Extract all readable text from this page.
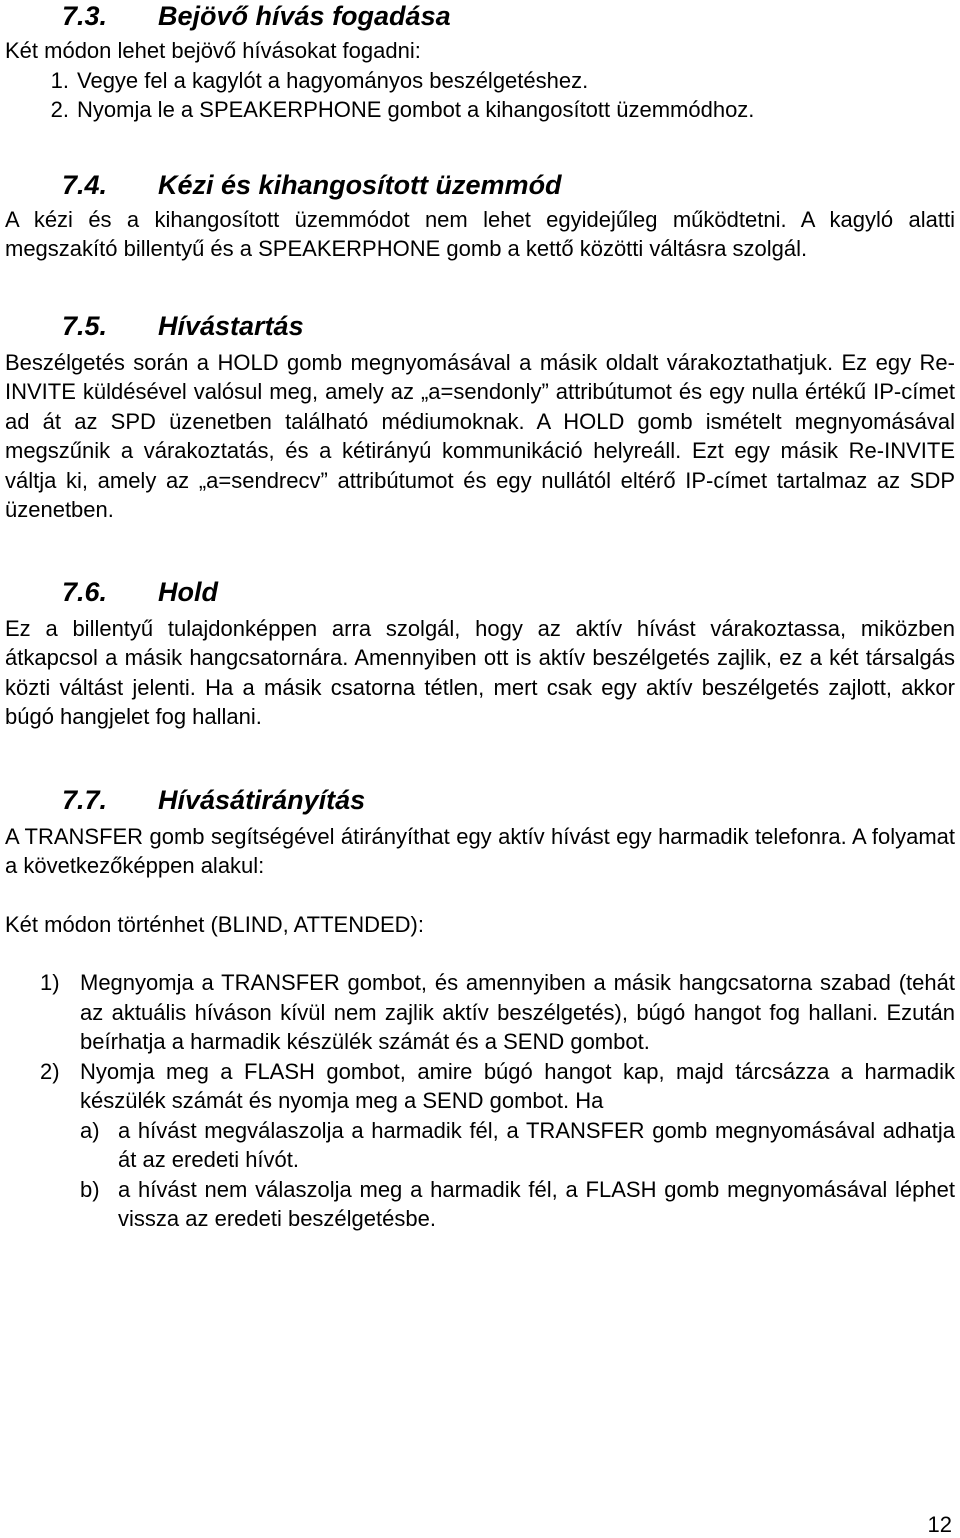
7.3.	Bejövő hívás fogadása

Két módon lehet bejövő hívásokat fogadni:

1. Vegye fel a kagylót a hagyományos beszélgetéshez.
2. Nyomja le a SPEAKERPHONE gombot a kihangosított üzemmódhoz.
7.4.	Kézi és kihangosított üzemmód

A kézi és a kihangosított üzemmódot nem lehet egyidejűleg működtetni. A kagyló alatti megszakító billentyű és a SPEAKERPHONE gomb a kettő közötti váltásra szolgál.

7.5.	Hívástartás

Beszélgetés során a HOLD gomb megnyomásával a másik oldalt várakoztathatjuk. Ez egy Re-INVITE küldésével valósul meg, amely az „a=sendonly” attribútumot és egy nulla értékű IP-címet ad át az SPD üzenetben található médiumoknak. A HOLD gomb ismételt megnyomásával megszűnik a várakoztatás, és a kétirányú kommunikáció helyreáll. Ezt egy másik Re-INVITE váltja ki, amely az „a=sendrecv” attribútumot és egy nullától eltérő IP-címet tartalmaz az SDP üzenetben.

7.6.	Hold

Ez a billentyű tulajdonképpen arra szolgál, hogy az aktív hívást várakoztassa, miközben átkapcsol a másik hangcsatornára. Amennyiben ott is aktív beszélgetés zajlik, ez a két társalgás közti váltást jelenti. Ha a másik csatorna tétlen, mert csak egy aktív beszélgetés zajlott, akkor búgó hangjelet fog hallani.

7.7.	Hívásátirányítás

A TRANSFER gomb segítségével átirányíthat egy aktív hívást egy harmadik telefonra. A folyamat a következőképpen alakul:

Két módon történhet (BLIND, ATTENDED):

1) Megnyomja a TRANSFER gombot, és amennyiben a másik hangcsatorna szabad (tehát az aktuális híváson kívül nem zajlik aktív beszélgetés), búgó hangot fog hallani. Ezután beírhatja a harmadik készülék számát és a SEND gombot.
2) Nyomja meg a FLASH gombot, amire búgó hangot kap, majd tárcsázza a harmadik készülék számát és nyomja meg a SEND gombot. Ha
a) a hívást megválaszolja a harmadik fél, a TRANSFER gomb megnyomásával adhatja át az eredeti hívót.
b) a hívást nem válaszolja meg a harmadik fél, a FLASH gomb megnyomásával léphet vissza az eredeti beszélgetésbe.
12
